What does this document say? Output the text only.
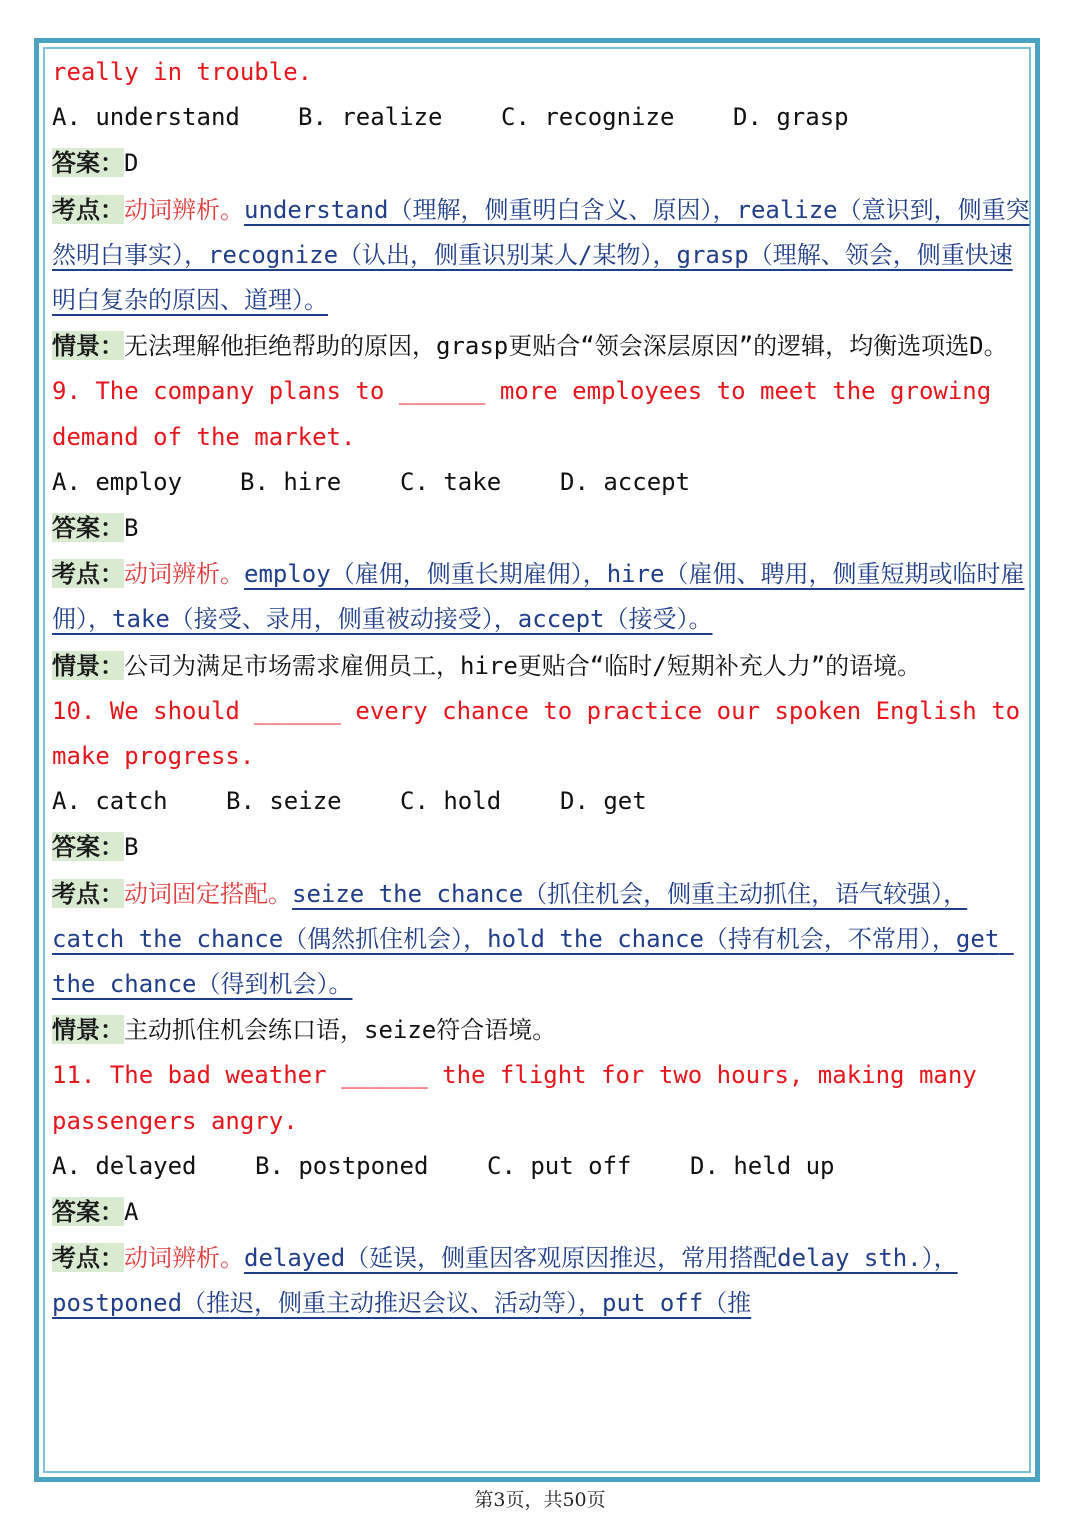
really in trouble.
A. understand B. realize C. recognize D. grasp
答案：D
考点：动词辨析。understand（理解，侧重明白含义、原因），realize（意识到，侧重突然明白事实），recognize（认出，侧重识别某人/某物），grasp（理解、领会，侧重快速明白复杂的原因、道理）。
情景：无法理解他拒绝帮助的原因，grasp更贴合“领会深层原因”的逻辑，均衡选项选D。
9. The company plans to ______ more employees to meet the growing demand of the market.
A. employ B. hire C. take D. accept
答案：B
考点：动词辨析。employ（雇佣，侧重长期雇佣），hire（雇佣、聘用，侧重短期或临时雇佣），take（接受、录用，侧重被动接受），accept（接受）。
情景：公司为满足市场需求雇佣员工，hire更贴合“临时/短期补充人力”的语境。
10. We should ______ every chance to practice our spoken English to make progress.
A. catch B. seize C. hold D. get
答案：B
考点：动词固定搭配。seize the chance（抓住机会，侧重主动抓住，语气较强），catch the chance（偶然抓住机会），hold the chance（持有机会，不常用），get the chance（得到机会）。
情景：主动抓住机会练口语，seize符合语境。
11. The bad weather ______ the flight for two hours, making many passengers angry.
A. delayed B. postponed C. put off D. held up
答案：A
考点：动词辨析。delayed（延误，侧重因客观原因推迟，常用搭配delay sth.），postponed（推迟，侧重主动推迟会议、活动等），put off（推
第3页，共50页
